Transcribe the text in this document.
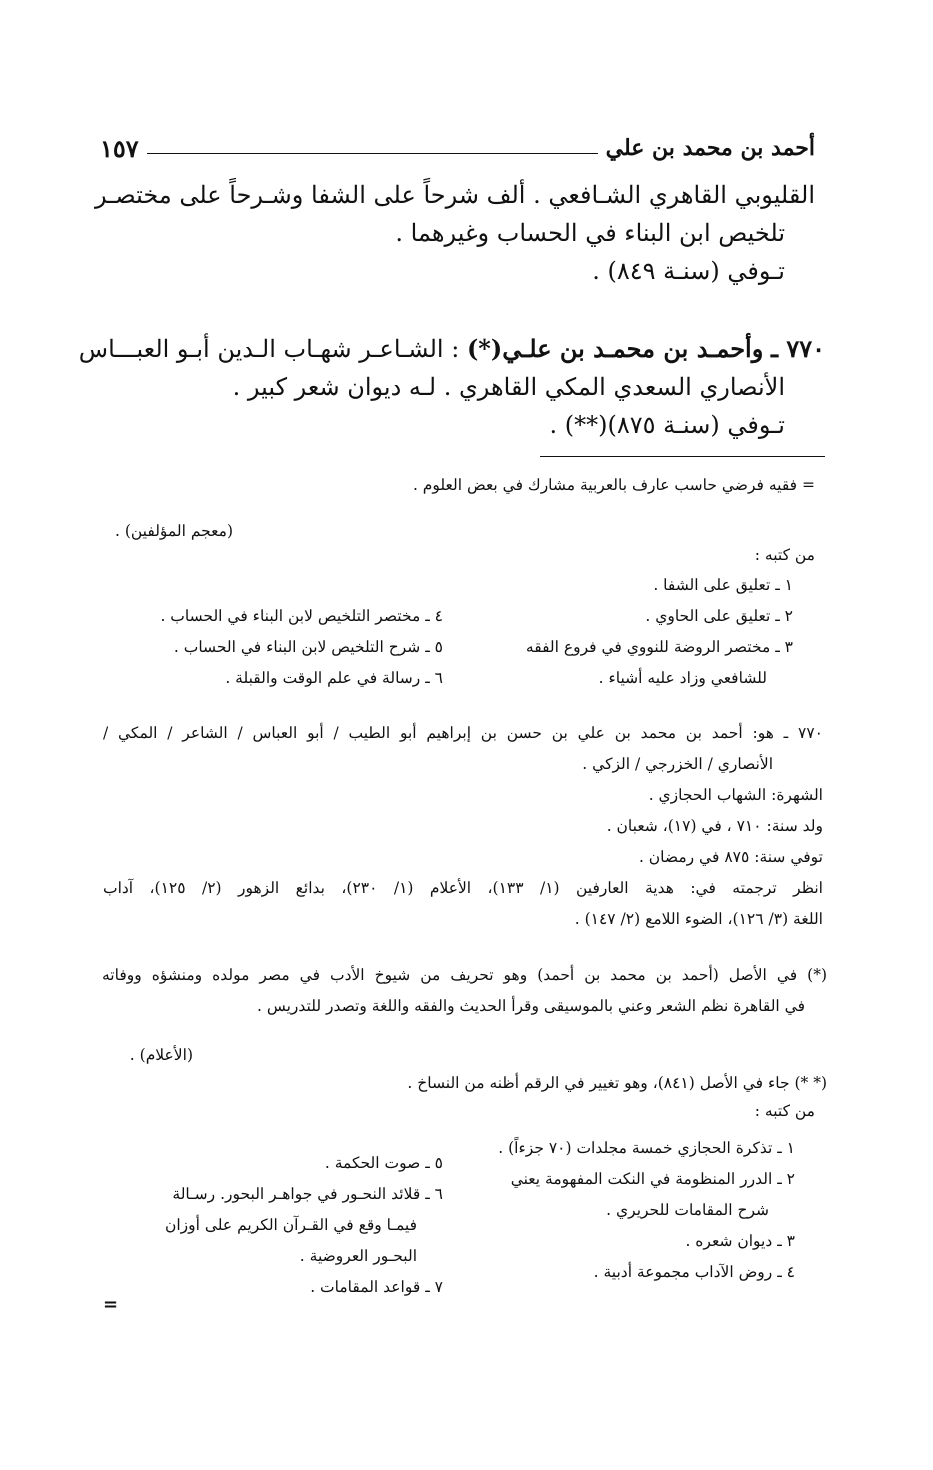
أحمد بن محمد بن علي
١٥٧
القليوبي القاهري الشـافعي . ألف شرحاً على الشفا وشـرحاً على مختصـر
تلخيص ابن البناء في الحساب وغيرهما .
تـوفي (سنـة ٨٤٩) .
٧٧٠ ـ وأحمـد بن محمـد بن علـي(*) : الشـاعـر شهـاب الـدين أبـو العبـــاس
الأنصاري السعدي المكي القاهري . لـه ديوان شعر كبير .
تـوفي (سنـة ٨٧٥)(**) .
= فقيه فرضي حاسب عارف بالعربية مشارك في بعض العلوم .
(معجم المؤلفين) .
من كتبه :
١ ـ تعليق على الشفا .
٢ ـ تعليق على الحاوي .
٣ ـ مختصر الروضة للنووي في فروع الفقه
للشافعي وزاد عليه أشياء .
٤ ـ مختصر التلخيص لابن البناء في الحساب .
٥ ـ شرح التلخيص لابن البناء في الحساب .
٦ ـ رسالة في علم الوقت والقبلة .
٧٧٠ ـ هو: أحمد بن محمد بن علي بن حسن بن إبراهيم أبو الطيب / أبو العباس / الشاعر / المكي /
الأنصاري / الخزرجي / الزكي .
الشهرة: الشهاب الحجازي .
ولد سنة: ٧١٠ ، في (١٧)، شعبان .
توفي سنة: ٨٧٥ في رمضان .
انظر ترجمته في: هدية العارفين (١/ ١٣٣)، الأعلام (١/ ٢٣٠)، بدائع الزهور (٢/ ١٢٥)، آداب
اللغة (٣/ ١٢٦)، الضوء اللامع (٢/ ١٤٧) .
(*) في الأصل (أحمد بن محمد بن أحمد) وهو تحريف من شيوخ الأدب في مصر مولده ومنشؤه ووفاته
في القاهرة نظم الشعر وعني بالموسيقى وقرأ الحديث والفقه واللغة وتصدر للتدريس .
(الأعلام) .
(* *) جاء في الأصل (٨٤١)، وهو تغيير في الرقم أظنه من النساخ .
من كتبه :
١ ـ تذكرة الحجازي خمسة مجلدات (٧٠ جزءاً) .
٢ ـ الدرر المنظومة في النكت المفهومة يعني
شرح المقامات للحريري .
٣ ـ ديوان شعره .
٤ ـ روض الآداب مجموعة أدبية .
٥ ـ صوت الحكمة .
٦ ـ قلائد النحـور في جواهـر البحور. رسـالة
فيمـا وقع في القـرآن الكريم على أوزان
البحـور العروضية .
٧ ـ قواعد المقامات .
=
